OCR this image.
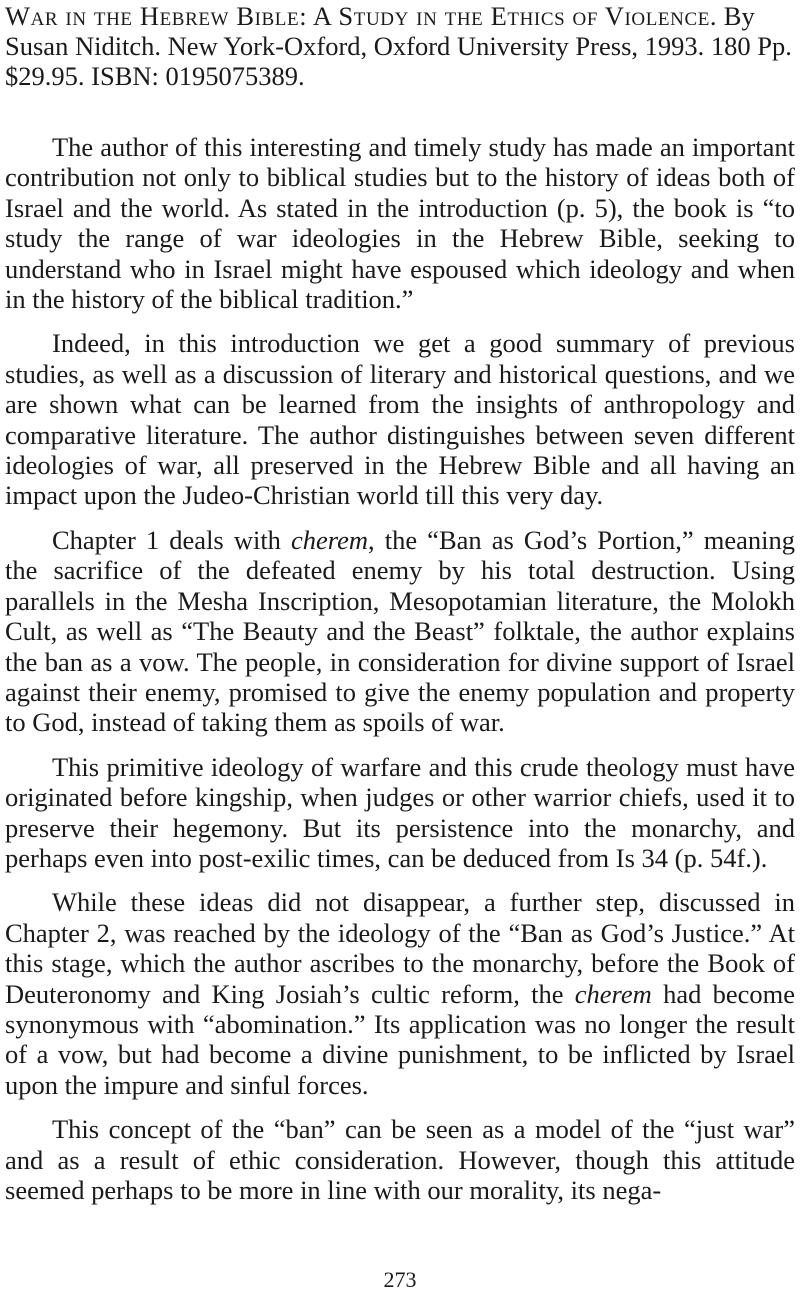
War in the Hebrew Bible: A Study in the Ethics of Violence. By Susan Niditch. New York-Oxford, Oxford University Press, 1993. 180 Pp. $29.95. ISBN: 0195075389.

The author of this interesting and timely study has made an important contribution not only to biblical studies but to the history of ideas both of Israel and the world. As stated in the introduction (p. 5), the book is “to study the range of war ideologies in the Hebrew Bible, seeking to understand who in Israel might have espoused which ideology and when in the history of the biblical tradition.”

Indeed, in this introduction we get a good summary of previous studies, as well as a discussion of literary and historical questions, and we are shown what can be learned from the insights of anthropology and comparative literature. The author distinguishes between seven different ideologies of war, all preserved in the Hebrew Bible and all having an impact upon the Judeo-Christian world till this very day.

Chapter 1 deals with cherem, the “Ban as God’s Portion,” meaning the sacrifice of the defeated enemy by his total destruction. Using parallels in the Mesha Inscription, Mesopotamian literature, the Molokh Cult, as well as “The Beauty and the Beast” folktale, the author explains the ban as a vow. The people, in consideration for divine support of Israel against their enemy, promised to give the enemy population and property to God, instead of taking them as spoils of war.

This primitive ideology of warfare and this crude theology must have originated before kingship, when judges or other warrior chiefs, used it to preserve their hegemony. But its persistence into the monarchy, and perhaps even into post-exilic times, can be deduced from Is 34 (p. 54f.).

While these ideas did not disappear, a further step, discussed in Chapter 2, was reached by the ideology of the “Ban as God’s Justice.” At this stage, which the author ascribes to the monarchy, before the Book of Deuteronomy and King Josiah’s cultic reform, the cherem had become synonymous with “abomination.” Its application was no longer the result of a vow, but had become a divine punishment, to be inflicted by Israel upon the impure and sinful forces.

This concept of the “ban” can be seen as a model of the “just war” and as a result of ethic consideration. However, though this attitude seemed perhaps to be more in line with our morality, its nega-

273
